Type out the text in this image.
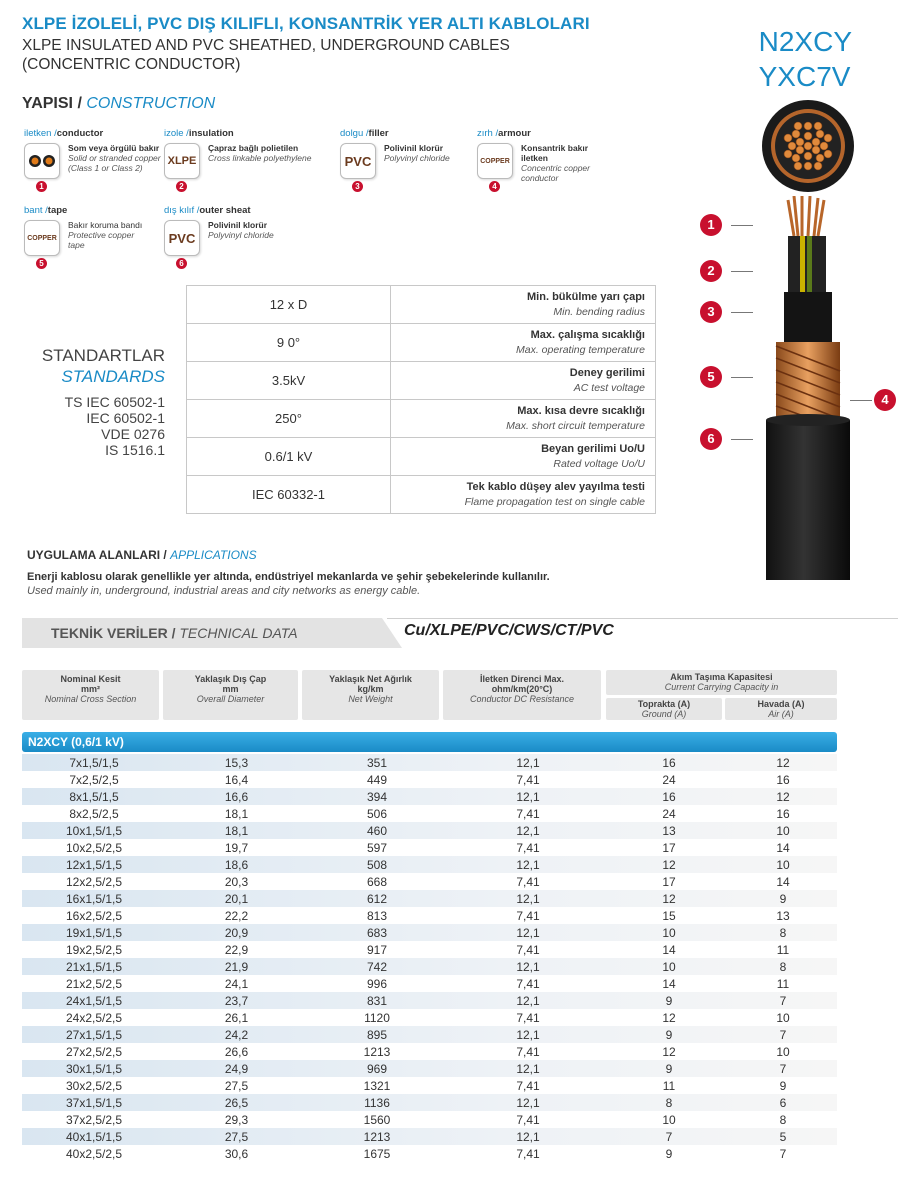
XLPE İZOLELİ, PVC DIŞ KILIFLI, KONSANTRİK YER ALTI KABLOLARI
XLPE INSULATED AND PVC SHEATHED, UNDERGROUND CABLES
(CONCENTRIC CONDUCTOR)
N2XCY
YXC7V
YAPISI / CONSTRUCTION
iletken /conductor
Som veya örgülü bakır
Solid or stranded copper
(Class 1 or Class 2)
1
izole /insulation
XLPE
Çapraz bağlı polietilen
Cross linkable polyethylene
2
dolgu /filler
PVC
Polivinil klorür
Polyvinyl chloride
3
zırh /armour
COPPER
Konsantrik bakır
iletken
Concentric copper
conductor
4
bant /tape
COPPER
Bakır koruma bandı
Protective copper
tape
5
dış kılıf /outer sheat
PVC
Polivinil klorür
Polyvinyl chloride
6
STANDARTLAR
STANDARDS
TS IEC 60502-1
IEC 60502-1
VDE 0276
IS 1516.1
12 x D	Min. bükülme yarı çapı
Min. bending radius

9 0°	Max. çalışma sıcaklığı
Max. operating temperature

3.5kV	Deney gerilimi
AC test voltage

250°	Max. kısa devre sıcaklığı
Max. short circuit temperature

0.6/1 kV	Beyan gerilimi Uo/U
Rated voltage Uo/U

IEC 60332-1	Tek kablo düşey alev yayılma testi
Flame propagation test on single cable
UYGULAMA ALANLARI / APPLICATIONS
Enerji kablosu olarak genellikle yer altında, endüstriyel mekanlarda ve şehir şebekelerinde kullanılır.
Used mainly in, underground, industrial areas and city networks as energy cable.
1
2
3
5
6
4
TEKNİK VERİLER / TECHNICAL DATA	Cu/XLPE/PVC/CWS/CT/PVC
Nominal Kesit
mm²
Nominal Cross Section
Yaklaşık Dış Çap
mm
Overall Diameter
Yaklaşık Net Ağırlık
kg/km
Net Weight
İletken Direnci Max.
ohm/km(20°C)
Conductor DC Resistance
Akım Taşıma Kapasitesi
Current Carrying Capacity in
Toprakta (A)
Ground (A)
Havada (A)
Air (A)
N2XCY (0,6/1 kV)
7x1,5/1,5	15,3	351	12,1	16	12
7x2,5/2,5	16,4	449	7,41	24	16
8x1,5/1,5	16,6	394	12,1	16	12
8x2,5/2,5	18,1	506	7,41	24	16
10x1,5/1,5	18,1	460	12,1	13	10
10x2,5/2,5	19,7	597	7,41	17	14
12x1,5/1,5	18,6	508	12,1	12	10
12x2,5/2,5	20,3	668	7,41	17	14
16x1,5/1,5	20,1	612	12,1	12	9
16x2,5/2,5	22,2	813	7,41	15	13
19x1,5/1,5	20,9	683	12,1	10	8
19x2,5/2,5	22,9	917	7,41	14	11
21x1,5/1,5	21,9	742	12,1	10	8
21x2,5/2,5	24,1	996	7,41	14	11
24x1,5/1,5	23,7	831	12,1	9	7
24x2,5/2,5	26,1	1120	7,41	12	10
27x1,5/1,5	24,2	895	12,1	9	7
27x2,5/2,5	26,6	1213	7,41	12	10
30x1,5/1,5	24,9	969	12,1	9	7
30x2,5/2,5	27,5	1321	7,41	11	9
37x1,5/1,5	26,5	1136	12,1	8	6
37x2,5/2,5	29,3	1560	7,41	10	8
40x1,5/1,5	27,5	1213	12,1	7	5
40x2,5/2,5	30,6	1675	7,41	9	7
